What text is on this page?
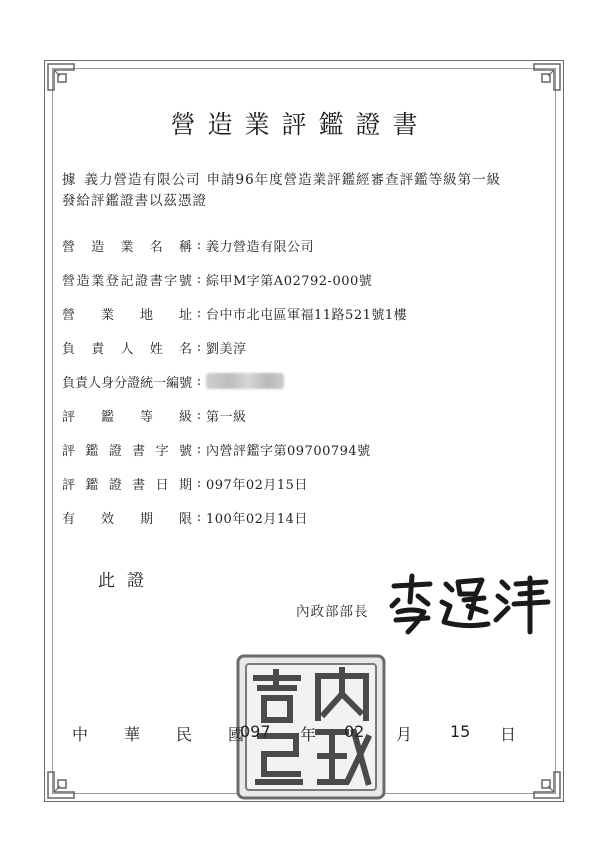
營造業評鑑證書
據 義力營造有限公司 申請96年度營造業評鑑經審查評鑑等級第一級
發給評鑑證書以茲憑證
營 造 業 名 稱 : 義力營造有限公司
營 造 業 登 記 證 書 字 號 : 綜甲M字第A02792-000號
營 業 地 址 : 台中市北屯區軍福11路521號1樓
負 責 人 姓 名 : 劉美淳
負 責 人 身 分 證 統 一 編 號 :
評 鑑 等 級 : 第一級
評 鑑 證 書 字 號 : 內營評鑑字第09700794號
評 鑑 證 書 日 期 : 097年02月15日
有 效 期 限 : 100年02月14日
此證
內政部部長
中 華 民 國
097 年 02 月 15 日
